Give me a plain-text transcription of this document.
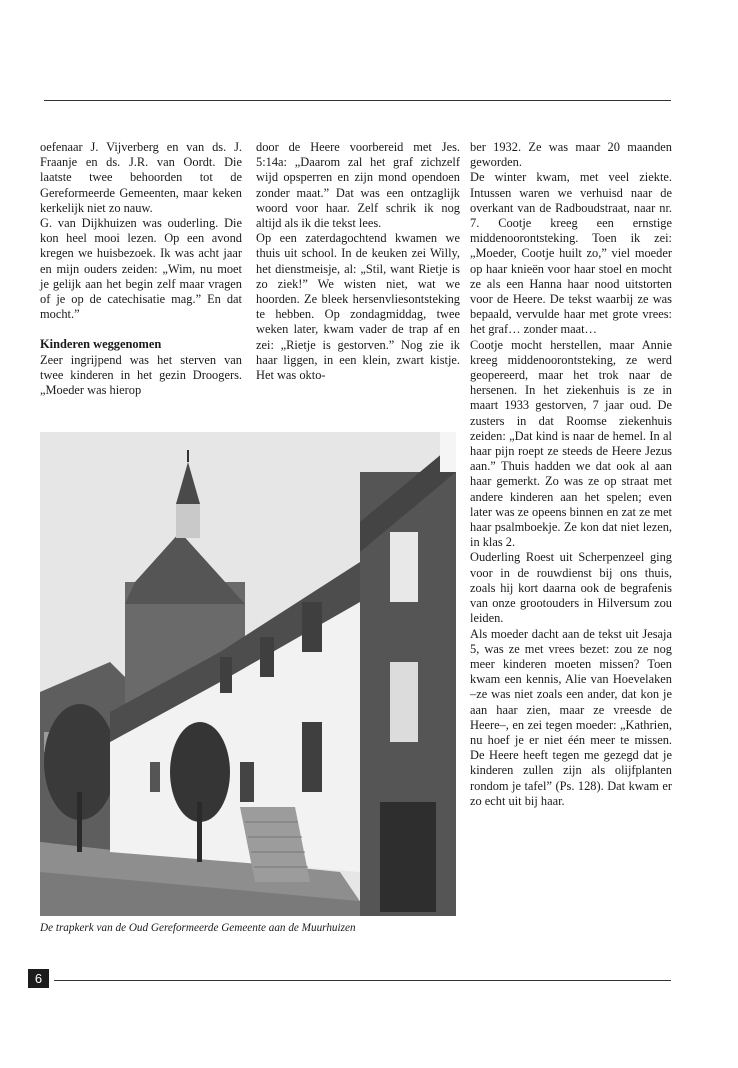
oefenaar J. Vijverberg en van ds. J. Fraanje en ds. J.R. van Oordt. Die laatste twee behoorden tot de Gereformeerde Gemeenten, maar keken kerkelijk niet zo nauw.

G. van Dijkhuizen was ouderling. Die kon heel mooi lezen. Op een avond kregen we huisbezoek. Ik was acht jaar en mijn ouders zeiden: „Wim, nu moet je gelijk aan het begin zelf maar vragen of je op de catechisatie mag.” En dat mocht.”

Kinderen weggenomen

Zeer ingrijpend was het sterven van twee kinderen in het gezin Droogers. „Moeder was hierop

door de Heere voorbereid met Jes. 5:14a: „Daarom zal het graf zichzelf wijd opsperren en zijn mond opendoen zonder maat.” Dat was een ontzaglijk woord voor haar. Zelf schrik ik nog altijd als ik die tekst lees.

Op een zaterdagochtend kwamen we thuis uit school. In de keuken zei Willy, het dienstmeisje, al: „Stil, want Rietje is zo ziek!” We wisten niet, wat we hoorden. Ze bleek hersenvliesontsteking te hebben. Op zondagmiddag, twee weken later, kwam vader de trap af en zei: „Rietje is gestorven.” Nog zie ik haar liggen, in een klein, zwart kistje. Het was okto-

ber 1932. Ze was maar 20 maanden geworden.

De winter kwam, met veel ziekte. Intussen waren we verhuisd naar de overkant van de Radboudstraat, naar nr. 7. Cootje kreeg een ernstige middenoorontsteking. Toen ik zei: „Moeder, Cootje huilt zo,” viel moeder op haar knieën voor haar stoel en mocht ze als een Hanna haar nood uitstorten voor de Heere. De tekst waarbij ze was bepaald, vervulde haar met grote vrees: het graf… zonder maat…

Cootje mocht herstellen, maar Annie kreeg middenoorontsteking, ze werd geopereerd, maar het trok naar de hersenen. In het ziekenhuis is ze in maart 1933 gestorven, 7 jaar oud. De zusters in dat Roomse ziekenhuis zeiden: „Dat kind is naar de hemel. In al haar pijn roept ze steeds de Heere Jezus aan.” Thuis hadden we dat ook al aan haar gemerkt. Zo was ze op straat met andere kinderen aan het spelen; even later was ze opeens binnen en zat ze met haar psalmboekje. Ze kon dat niet lezen, in klas 2.

Ouderling Roest uit Scherpenzeel ging voor in de rouwdienst bij ons thuis, zoals hij kort daarna ook de begrafenis van onze grootouders in Hilversum zou leiden.

Als moeder dacht aan de tekst uit Jesaja 5, was ze met vrees bezet: zou ze nog meer kinderen moeten missen? Toen kwam een kennis, Alie van Hoevelaken –ze was niet zoals een ander, dat kon je aan haar zien, maar ze vreesde de Heere–, en zei tegen moeder: „Kathrien, nu hoef je er niet één meer te missen. De Heere heeft tegen me gezegd dat je kinderen zullen zijn als olijfplanten rondom je tafel” (Ps. 128). Dat kwam er zo echt uit bij haar.

De trapkerk van de Oud Gereformeerde Gemeente aan de Muurhuizen
6
